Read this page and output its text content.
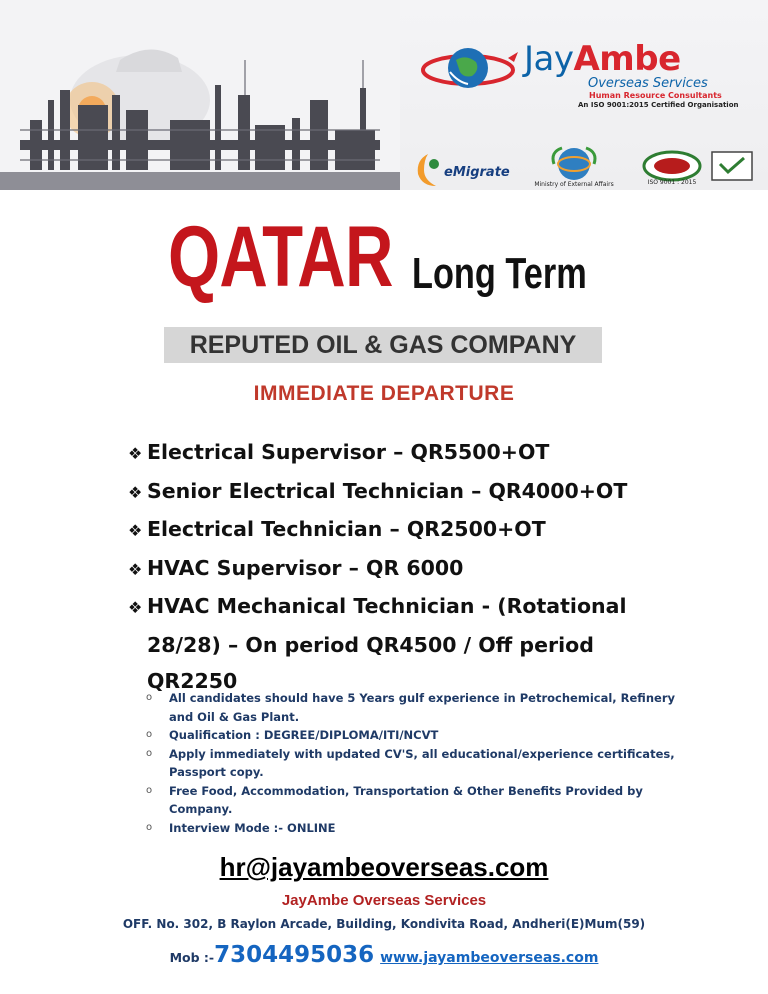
JayAmbe
Overseas Services
Human Resource Consultants
An ISO 9001:2015 Certified Organisation
eMigrate
Ministry of External Affairs	ISO 9001 : 2015
QATAR Long Term
REPUTED OIL & GAS COMPANY
IMMEDIATE DEPARTURE
❖ Electrical Supervisor – QR5500+OT
❖ Senior Electrical Technician – QR4000+OT
❖ Electrical Technician – QR2500+OT
❖ HVAC Supervisor – QR 6000
❖ HVAC Mechanical Technician - (Rotational 28/28) – On period QR4500 / Off period QR2250
o All candidates should have 5 Years gulf experience in Petrochemical, Refinery and Oil & Gas Plant.
o Qualification : DEGREE/DIPLOMA/ITI/NCVT
o Apply immediately with updated CV'S, all educational/experience certificates, Passport copy.
o Free Food, Accommodation, Transportation & Other Benefits Provided by Company.
o Interview Mode :- ONLINE
hr@jayambeoverseas.com
JayAmbe Overseas Services
OFF. No. 302, B Raylon Arcade, Building, Kondivita Road, Andheri(E)Mum(59)
Mob :-7304495036 www.jayambeoverseas.com
